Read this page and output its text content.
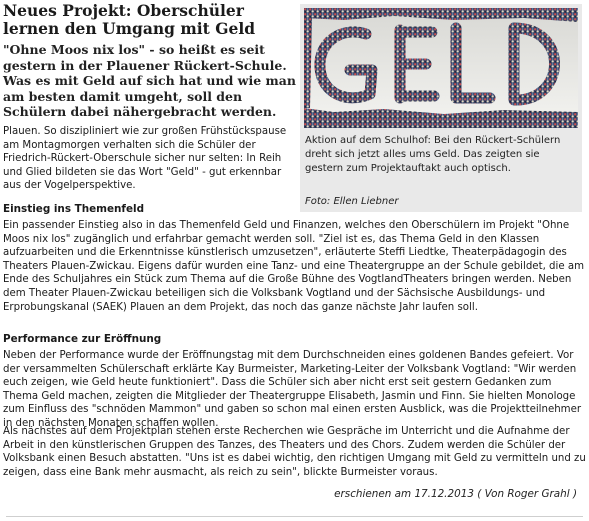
Neues Projekt: Oberschüler lernen den Umgang mit Geld
"Ohne Moos nix los" - so heißt es seit gestern in der Plauener Rückert-Schule. Was es mit Geld auf sich hat und wie man am besten damit umgeht, soll den Schülern dabei nähergebracht werden.
Plauen. So diszipliniert wie zur großen Frühstückspause am Montagmorgen verhalten sich die Schüler der Friedrich-Rückert-Oberschule sicher nur selten: In Reih und Glied bildeten sie das Wort "Geld" - gut erkennbar aus der Vogelperspektive.
Aktion auf dem Schulhof: Bei den Rückert-Schülern dreht sich jetzt alles ums Geld. Das zeigten sie gestern zum Projektauftakt auch optisch.
Foto: Ellen Liebner
Einstieg ins Themenfeld
Ein passender Einstieg also in das Themenfeld Geld und Finanzen, welches den Oberschülern im Projekt "Ohne Moos nix los" zugänglich und erfahrbar gemacht werden soll. "Ziel ist es, das Thema Geld in den Klassen aufzuarbeiten und die Erkenntnisse künstlerisch umzusetzen", erläuterte Steffi Liedtke, Theaterpädagogin des Theaters Plauen-Zwickau. Eigens dafür wurden eine Tanz- und eine Theatergruppe an der Schule gebildet, die am Ende des Schuljahres ein Stück zum Thema auf die Große Bühne des VogtlandTheaters bringen werden. Neben dem Theater Plauen-Zwickau beteiligen sich die Volksbank Vogtland und der Sächsische Ausbildungs- und Erprobungskanal (SAEK) Plauen an dem Projekt, das noch das ganze nächste Jahr laufen soll.
Performance zur Eröffnung
Neben der Performance wurde der Eröffnungstag mit dem Durchschneiden eines goldenen Bandes gefeiert. Vor der versammelten Schülerschaft erklärte Kay Burmeister, Marketing-Leiter der Volksbank Vogtland: "Wir werden euch zeigen, wie Geld heute funktioniert". Dass die Schüler sich aber nicht erst seit gestern Gedanken zum Thema Geld machen, zeigten die Mitglieder der Theatergruppe Elisabeth, Jasmin und Finn. Sie hielten Monologe zum Einfluss des "schnöden Mammon" und gaben so schon mal einen ersten Ausblick, was die Projektteilnehmer in den nächsten Monaten schaffen wollen.
Als nächstes auf dem Projektplan stehen erste Recherchen wie Gespräche im Unterricht und die Aufnahme der Arbeit in den künstlerischen Gruppen des Tanzes, des Theaters und des Chors. Zudem werden die Schüler der Volksbank einen Besuch abstatten. "Uns ist es dabei wichtig, den richtigen Umgang mit Geld zu vermitteln und zu zeigen, dass eine Bank mehr ausmacht, als reich zu sein", blickte Burmeister voraus.
erschienen am 17.12.2013 ( Von Roger Grahl )
